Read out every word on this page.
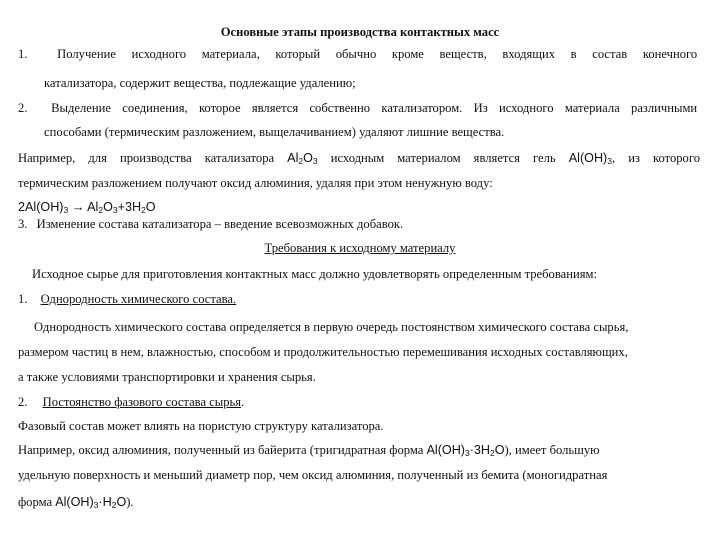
Основные этапы производства контактных масс
1. Получение исходного материала, который обычно кроме веществ, входящих в состав конечного
катализатора, содержит вещества, подлежащие удалению;
2. Выделение соединения, которое является собственно катализатором. Из исходного материала различными
способами (термическим разложением, выщелачиванием) удаляют лишние вещества.
Например, для производства катализатора $Al_2O_3$ исходным материалом является гель $Al(OH)_3$, из которого
термическим разложением получают оксид алюминия, удаляя при этом ненужную воду:
$2Al(OH)_3 \to Al_2O_3+3H_2O$
3. Изменение состава катализатора – введение всевозможных добавок.
Требования к исходному материалу
Исходное сырье для приготовления контактных масс должно удовлетворять определенным требованиям:
1. Однородность химического состава.
Однородность химического состава определяется в первую очередь постоянством химического состава сырья,
размером частиц в нем, влажностью, способом и продолжительностью перемешивания исходных составляющих,
а также условиями транспортировки и хранения сырья.
2. Постоянство фазового состава сырья.
Фазовый состав может влиять на пористую структуру катализатора.
Например, оксид алюминия, полученный из байерита (тригидратная форма $Al(OH)_3\cdot 3H_2O$), имеет большую
удельную поверхность и меньший диаметр пор, чем оксид алюминия, полученный из бемита (моногидратная
форма $Al(OH)_3\cdot H_2O$).
